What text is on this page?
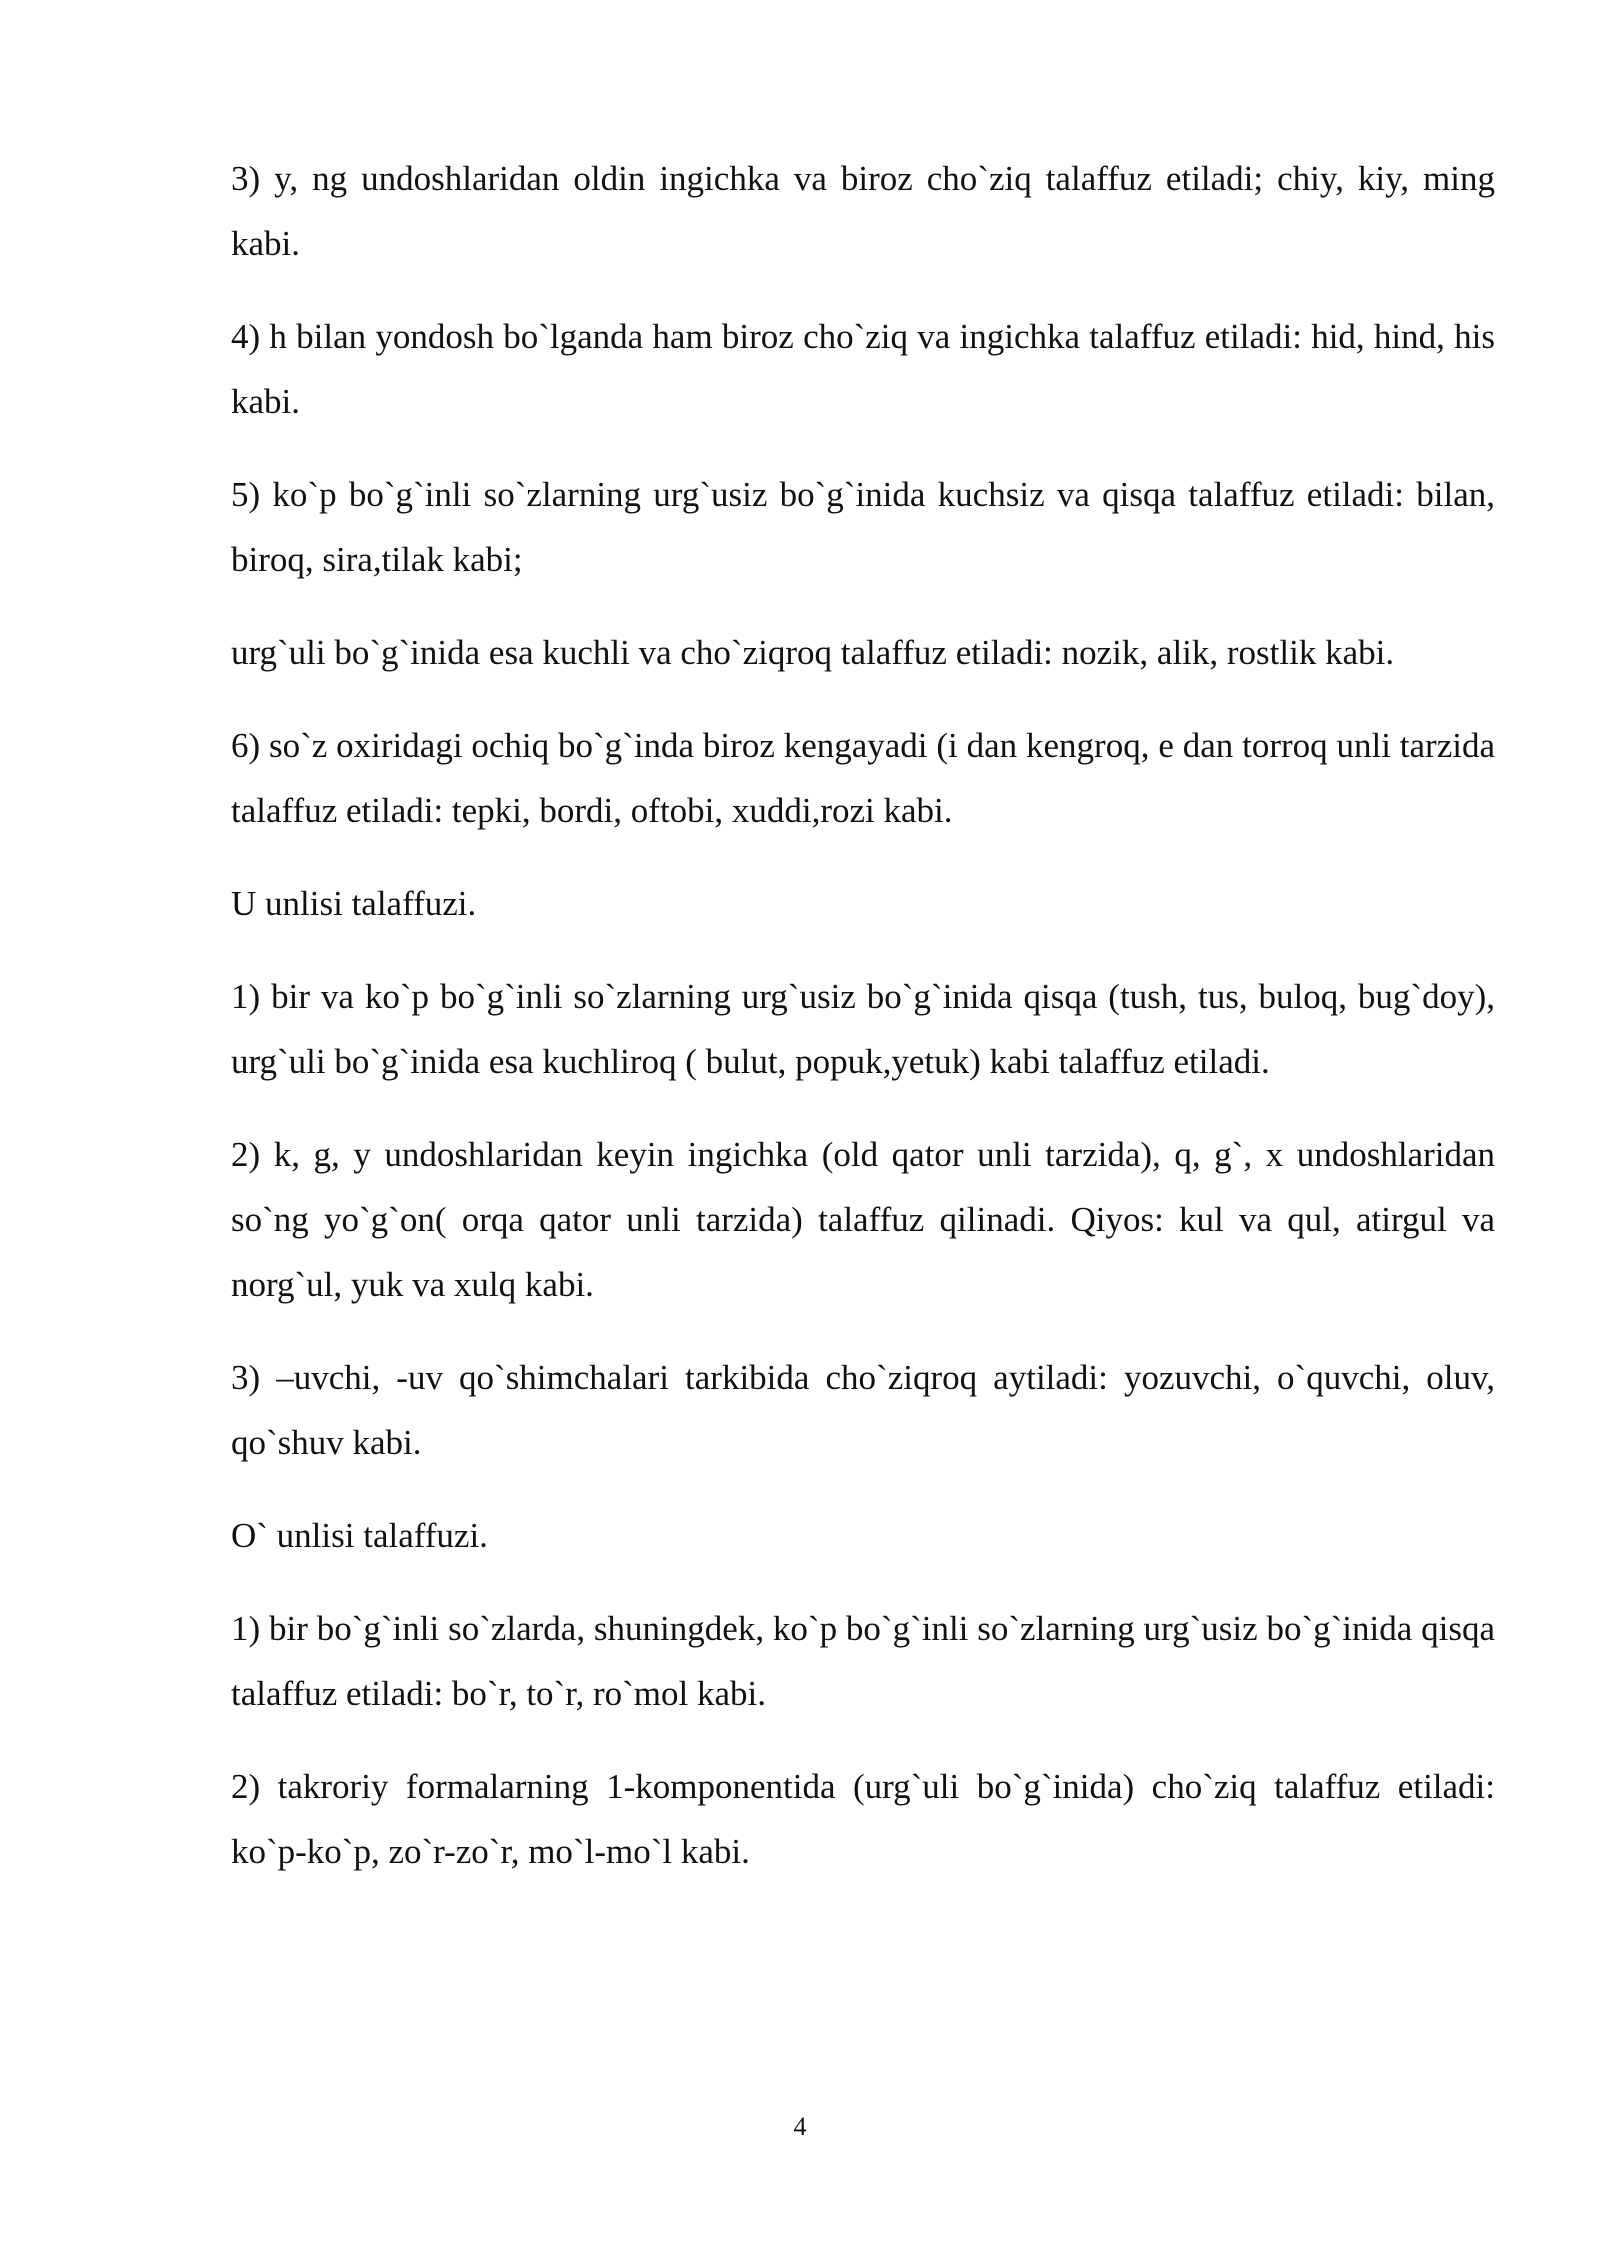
3) y, ng undoshlaridan oldin ingichka va biroz cho`ziq talaffuz etiladi; chiy, kiy, ming kabi.

4) h bilan yondosh bo`lganda ham biroz cho`ziq va ingichka talaffuz etiladi: hid, hind, his kabi.

5) ko`p bo`g`inli so`zlarning urg`usiz bo`g`inida kuchsiz va qisqa talaffuz etiladi: bilan, biroq, sira,tilak kabi;

urg`uli bo`g`inida esa kuchli va cho`ziqroq talaffuz etiladi: nozik, alik, rostlik kabi.

6) so`z oxiridagi ochiq bo`g`inda biroz kengayadi (i dan kengroq, e dan torroq unli tarzida talaffuz etiladi: tepki, bordi, oftobi, xuddi,rozi kabi.

U unlisi talaffuzi.

1) bir va ko`p bo`g`inli so`zlarning urg`usiz bo`g`inida qisqa (tush, tus, buloq, bug`doy), urg`uli bo`g`inida esa kuchliroq ( bulut, popuk,yetuk) kabi talaffuz etiladi.

2) k, g, y undoshlaridan keyin ingichka (old qator unli tarzida), q, g`, x undoshlaridan so`ng yo`g`on( orqa qator unli tarzida) talaffuz qilinadi. Qiyos: kul va qul, atirgul va norg`ul, yuk va xulq kabi.

3) –uvchi, -uv qo`shimchalari tarkibida cho`ziqroq aytiladi: yozuvchi, o`quvchi, oluv, qo`shuv kabi.

O` unlisi talaffuzi.

1) bir bo`g`inli so`zlarda, shuningdek, ko`p bo`g`inli so`zlarning urg`usiz bo`g`inida qisqa talaffuz etiladi: bo`r, to`r, ro`mol kabi.

2) takroriy formalarning 1-komponentida (urg`uli bo`g`inida) cho`ziq talaffuz etiladi: ko`p-ko`p, zo`r-zo`r, mo`l-mo`l kabi.

4
